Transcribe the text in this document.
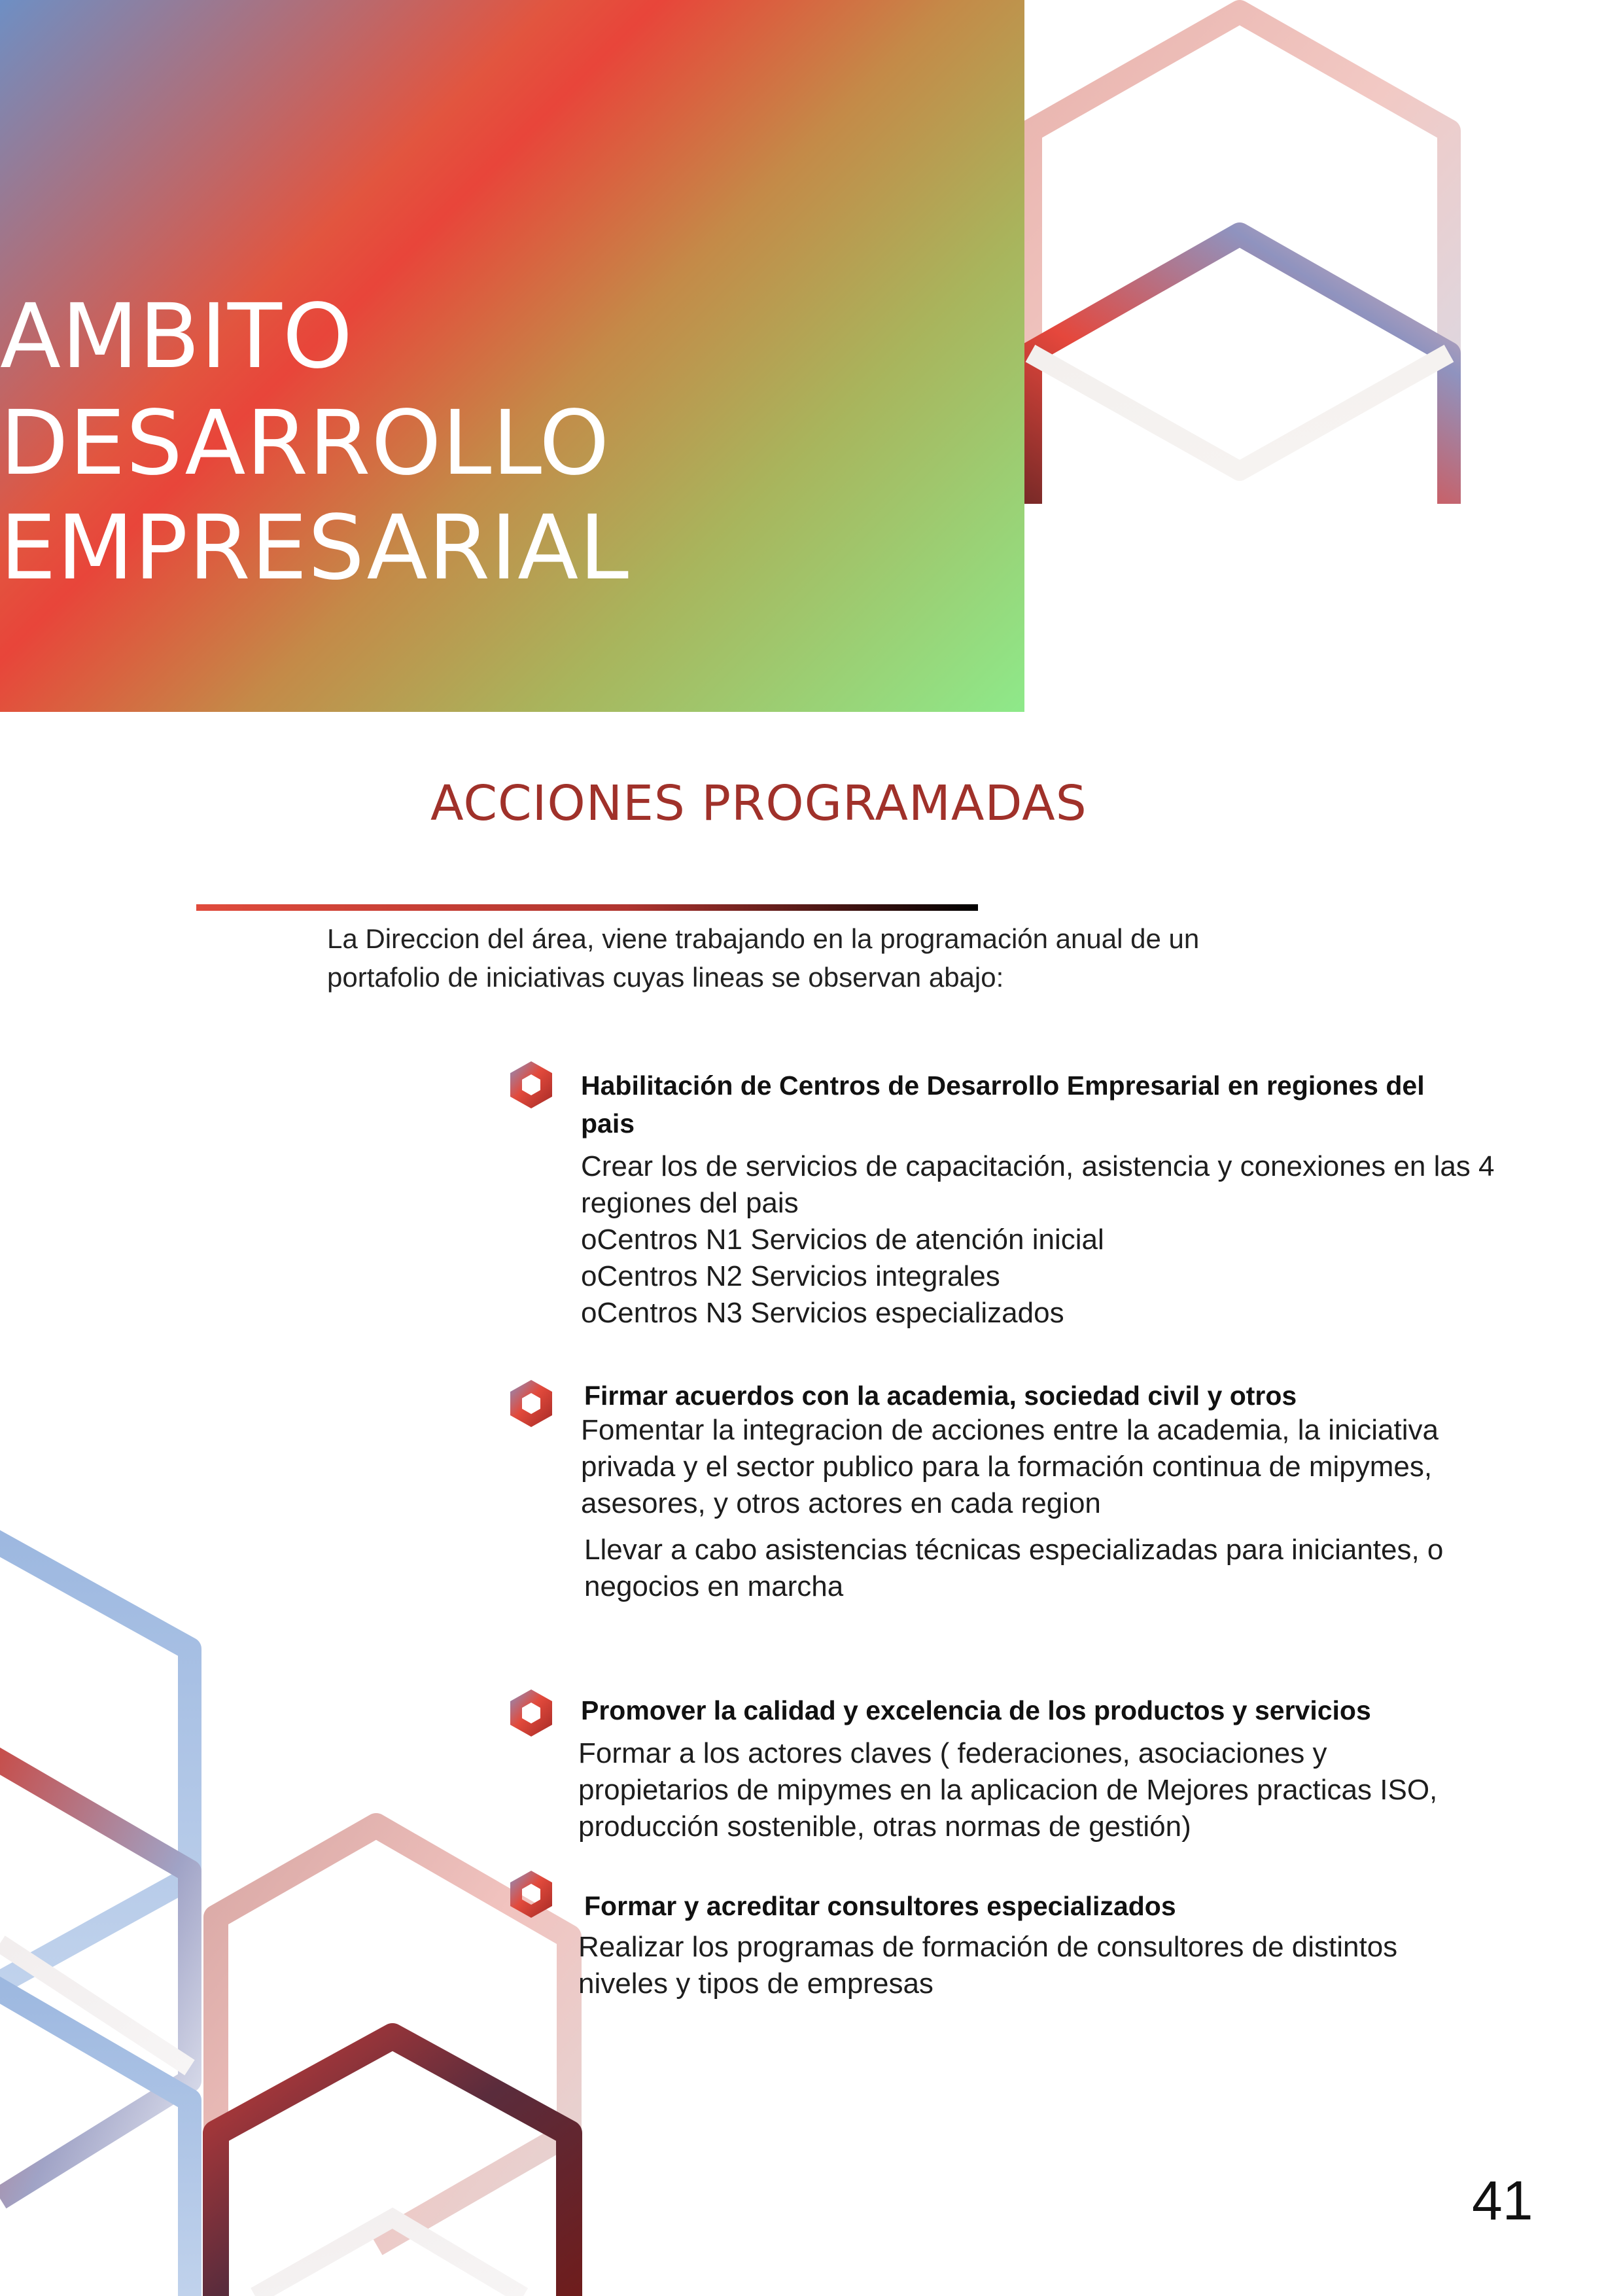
AMBITO
DESARROLLO
EMPRESARIAL
ACCIONES PROGRAMADAS
La Direccion del área, viene trabajando en la programación anual de un
portafolio de iniciativas cuyas lineas se observan abajo:
Habilitación de Centros de Desarrollo Empresarial en regiones del
pais
Crear los de servicios de capacitación, asistencia y conexiones en las 4
regiones del pais
oCentros N1 Servicios de atención inicial
oCentros N2 Servicios integrales
oCentros N3 Servicios especializados
Firmar acuerdos con la academia, sociedad civil y otros
Fomentar la integracion de acciones entre la academia, la iniciativa
privada y el sector publico para la formación continua de mipymes,
asesores, y otros actores en cada region
Llevar a cabo asistencias técnicas especializadas para iniciantes, o
negocios en marcha
Promover la calidad y excelencia de los productos y servicios
Formar a los actores claves ( federaciones, asociaciones y
propietarios de mipymes en la aplicacion de Mejores practicas ISO,
producción sostenible, otras normas de gestión)
Formar y acreditar consultores especializados
Realizar los programas de formación de consultores de distintos
niveles y tipos de empresas
41
